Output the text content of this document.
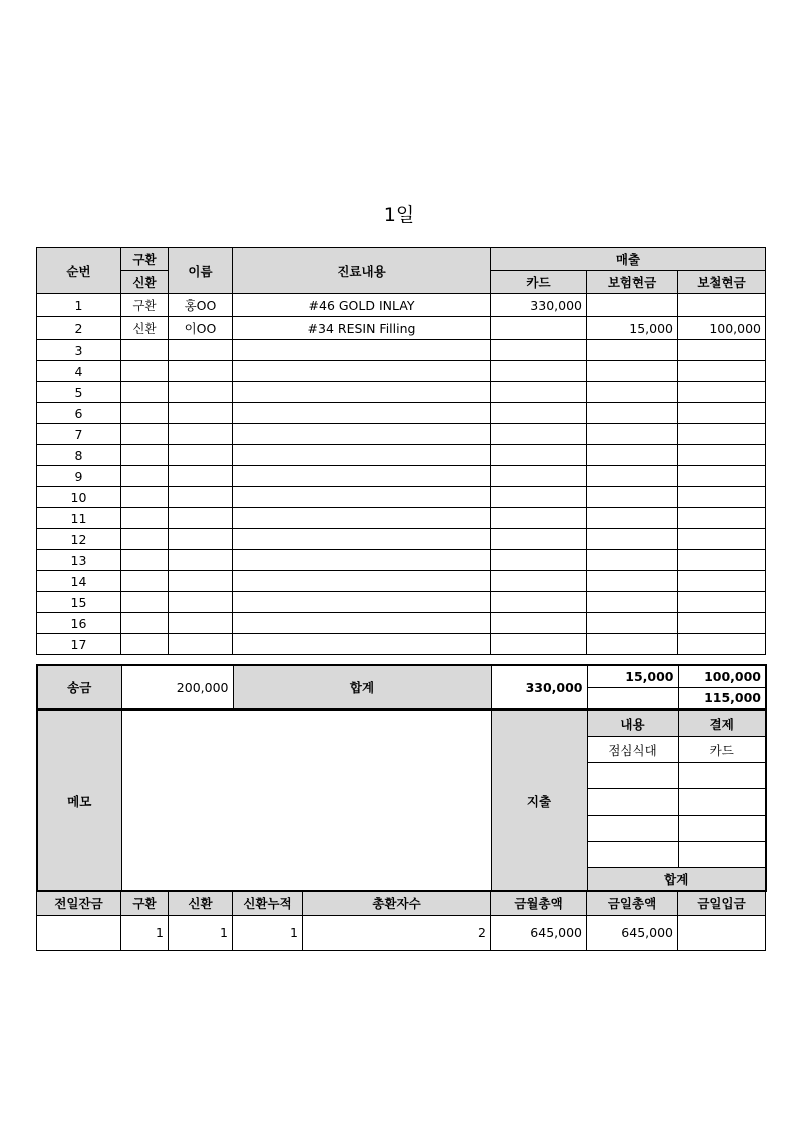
1일
순번	구환	이름	진료내용	매출		
	신환			카드	보험현금	보철현금
1	구환	홍OO	#46 GOLD INLAY	330,000		
2	신환	이OO	#34 RESIN Filling		15,000	100,000
3						
4						
5						
6						
7						
8						
9						
10						
11						
12						
13						
14						
15						
16						
17						
송금	200,000	합계	330,000	15,000	100,000
					115,000
메모		지출	내용	결제
			점심식대	카드

			합계	
전일잔금	구환	신환	신환누적	총환자수	금월총액	금일총액	금일입금
	1	1	1	2	645,000	645,000	
